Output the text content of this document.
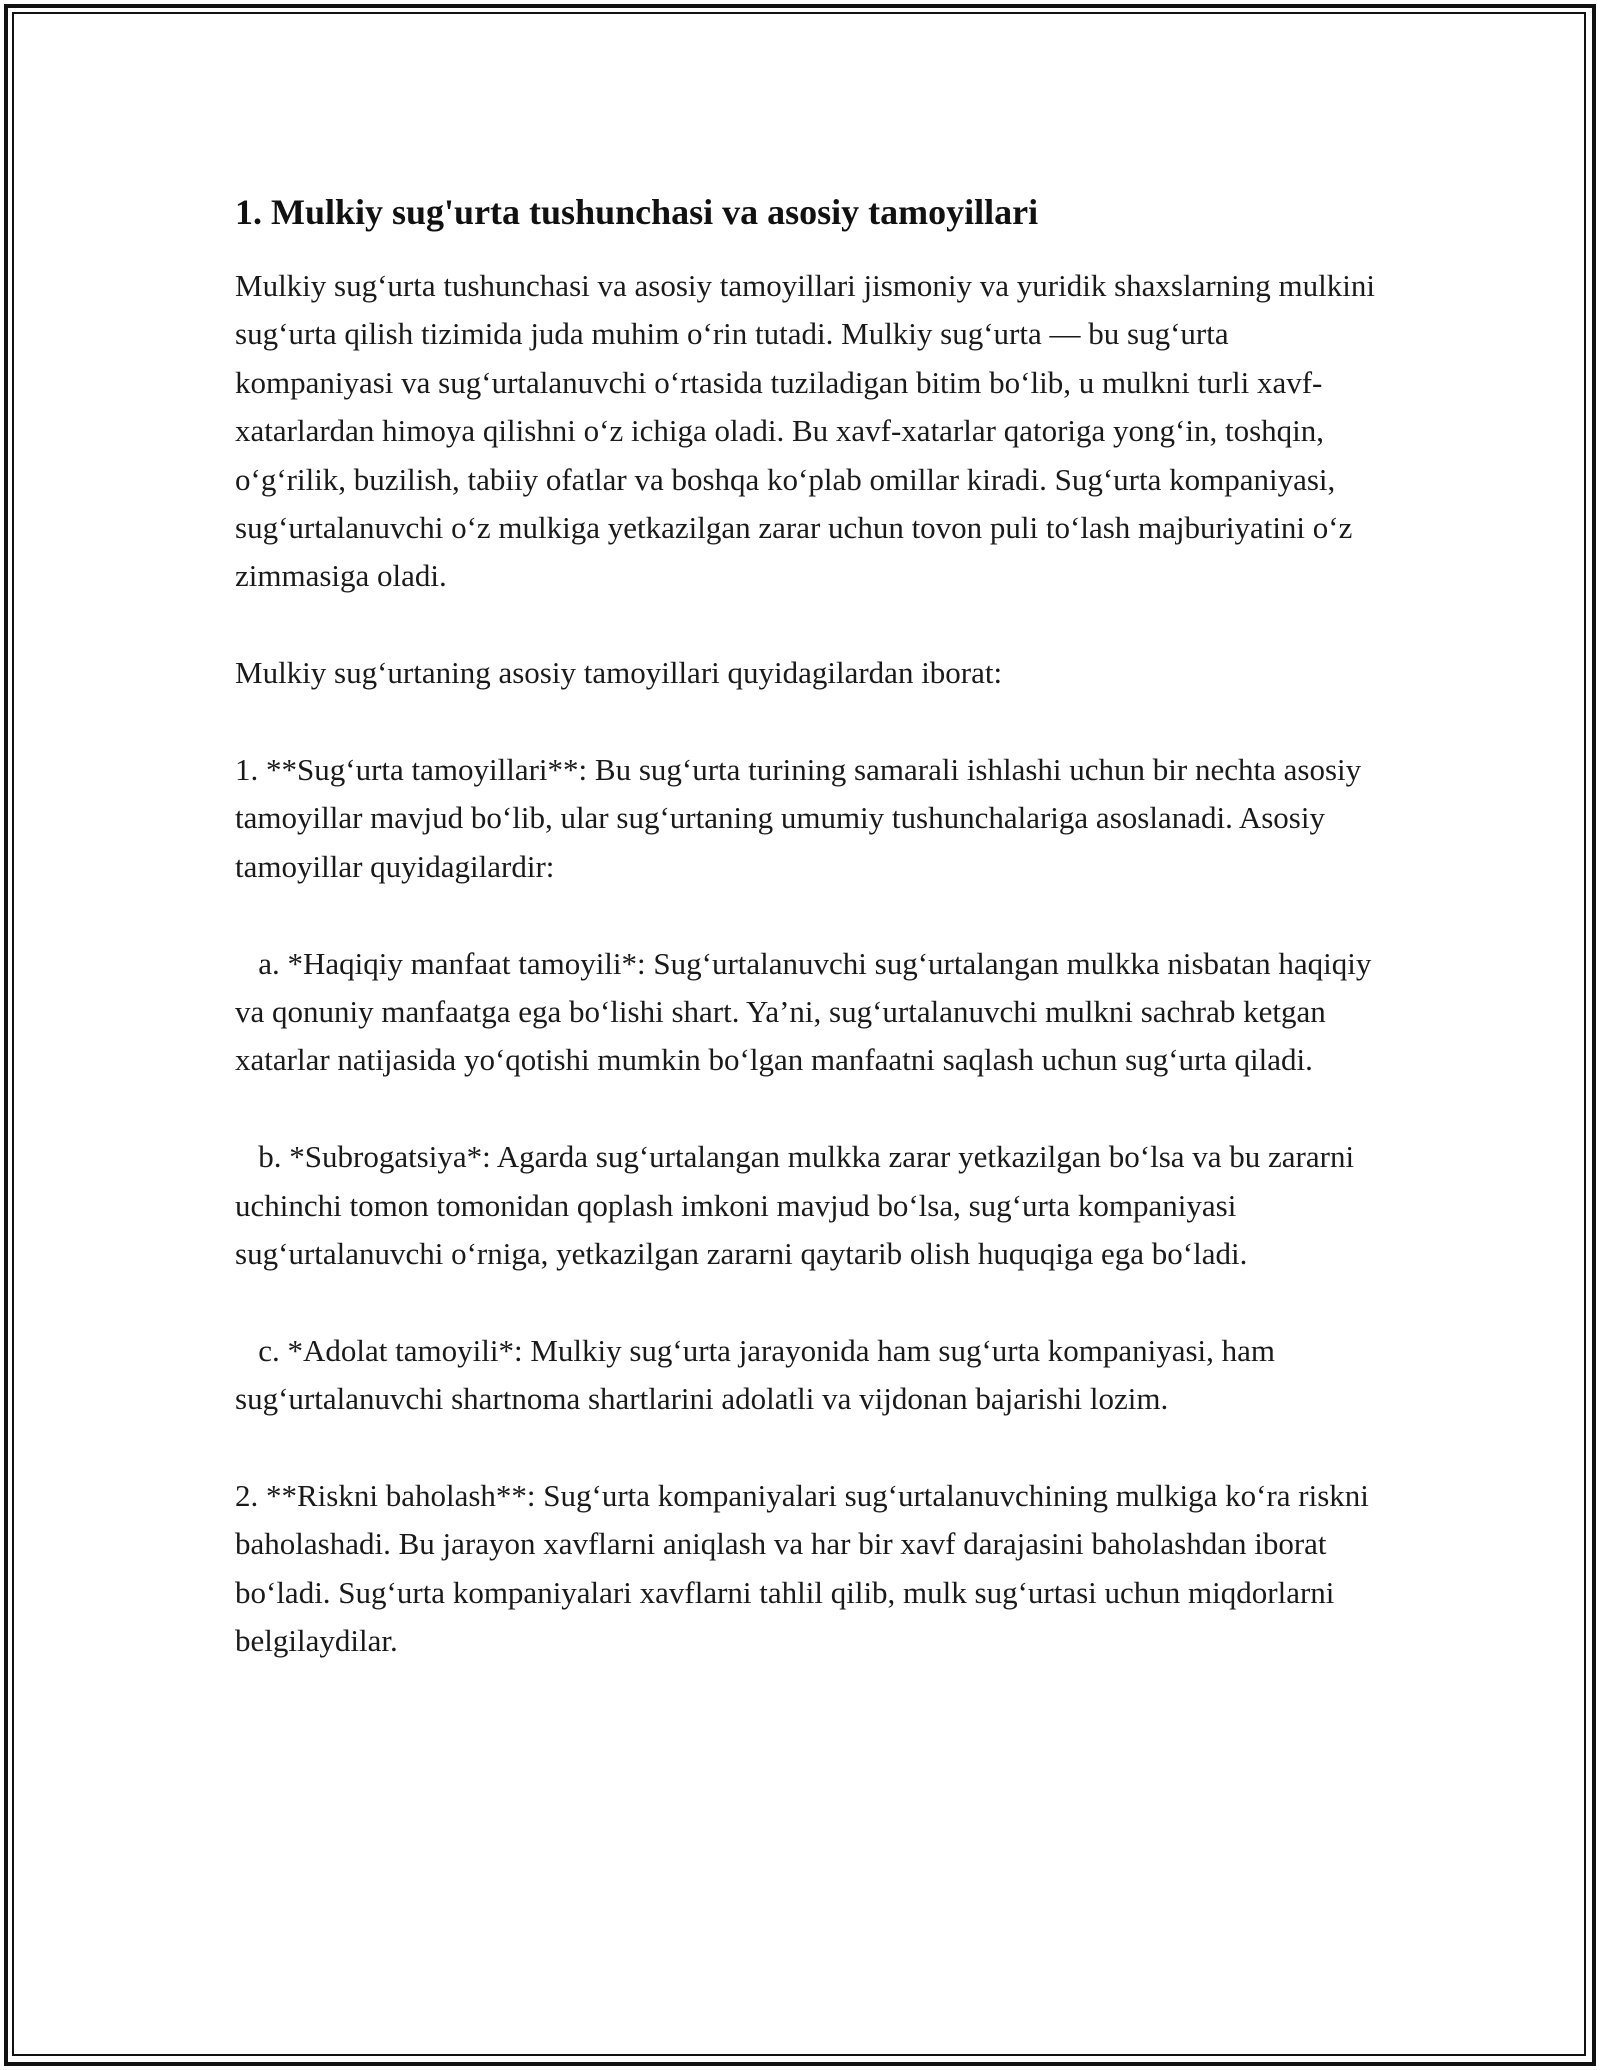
1. Mulkiy sug'urta tushunchasi va asosiy tamoyillari

Mulkiy sug‘urta tushunchasi va asosiy tamoyillari jismoniy va yuridik shaxslarning mulkini sug‘urta qilish tizimida juda muhim o‘rin tutadi. Mulkiy sug‘urta — bu sug‘urta kompaniyasi va sug‘urtalanuvchi o‘rtasida tuziladigan bitim bo‘lib, u mulkni turli xavf-xatarlardan himoya qilishni o‘z ichiga oladi. Bu xavf-xatarlar qatoriga yong‘in, toshqin, o‘g‘rilik, buzilish, tabiiy ofatlar va boshqa ko‘plab omillar kiradi. Sug‘urta kompaniyasi, sug‘urtalanuvchi o‘z mulkiga yetkazilgan zarar uchun tovon puli to‘lash majburiyatini o‘z zimmasiga oladi.

Mulkiy sug‘urtaning asosiy tamoyillari quyidagilardan iborat:

1. **Sug‘urta tamoyillari**: Bu sug‘urta turining samarali ishlashi uchun bir nechta asosiy tamoyillar mavjud bo‘lib, ular sug‘urtaning umumiy tushunchalariga asoslanadi. Asosiy tamoyillar quyidagilardir:

a. *Haqiqiy manfaat tamoyili*: Sug‘urtalanuvchi sug‘urtalangan mulkka nisbatan haqiqiy va qonuniy manfaatga ega bo‘lishi shart. Ya’ni, sug‘urtalanuvchi mulkni sachrab ketgan xatarlar natijasida yo‘qotishi mumkin bo‘lgan manfaatni saqlash uchun sug‘urta qiladi.

b. *Subrogatsiya*: Agarda sug‘urtalangan mulkka zarar yetkazilgan bo‘lsa va bu zararni uchinchi tomon tomonidan qoplash imkoni mavjud bo‘lsa, sug‘urta kompaniyasi sug‘urtalanuvchi o‘rniga, yetkazilgan zararni qaytarib olish huquqiga ega bo‘ladi.

c. *Adolat tamoyili*: Mulkiy sug‘urta jarayonida ham sug‘urta kompaniyasi, ham sug‘urtalanuvchi shartnoma shartlarini adolatli va vijdonan bajarishi lozim.

2. **Riskni baholash**: Sug‘urta kompaniyalari sug‘urtalanuvchining mulkiga ko‘ra riskni baholashadi. Bu jarayon xavflarni aniqlash va har bir xavf darajasini baholashdan iborat bo‘ladi. Sug‘urta kompaniyalari xavflarni tahlil qilib, mulk sug‘urtasi uchun miqdorlarni belgilaydilar.
